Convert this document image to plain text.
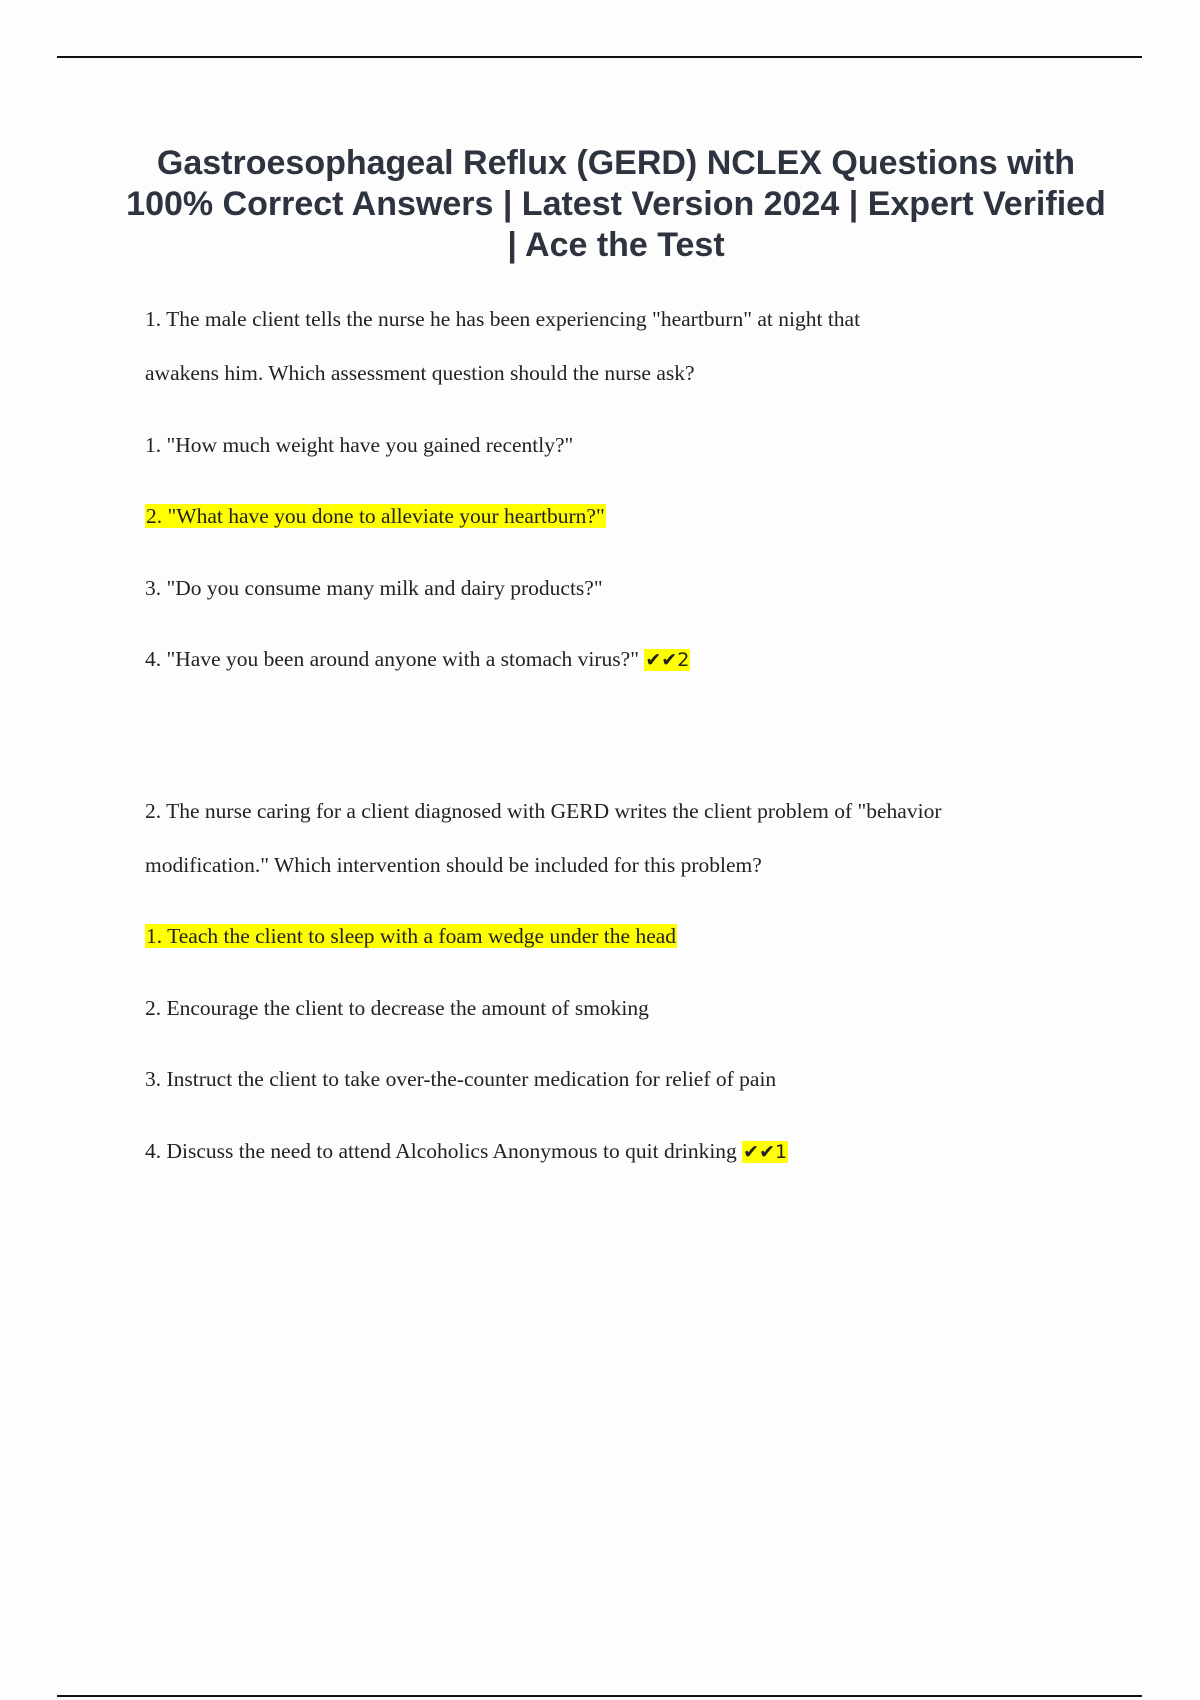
Gastroesophageal Reflux (GERD) NCLEX Questions with 100% Correct Answers | Latest Version 2024 | Expert Verified | Ace the Test
1. The male client tells the nurse he has been experiencing "heartburn" at night that
awakens him. Which assessment question should the nurse ask?
1. "How much weight have you gained recently?"
2. "What have you done to alleviate your heartburn?"
3. "Do you consume many milk and dairy products?"
4. "Have you been around anyone with a stomach virus?" ✔✔2
2. The nurse caring for a client diagnosed with GERD writes the client problem of "behavior
modification." Which intervention should be included for this problem?
1. Teach the client to sleep with a foam wedge under the head
2. Encourage the client to decrease the amount of smoking
3. Instruct the client to take over-the-counter medication for relief of pain
4. Discuss the need to attend Alcoholics Anonymous to quit drinking ✔✔1
